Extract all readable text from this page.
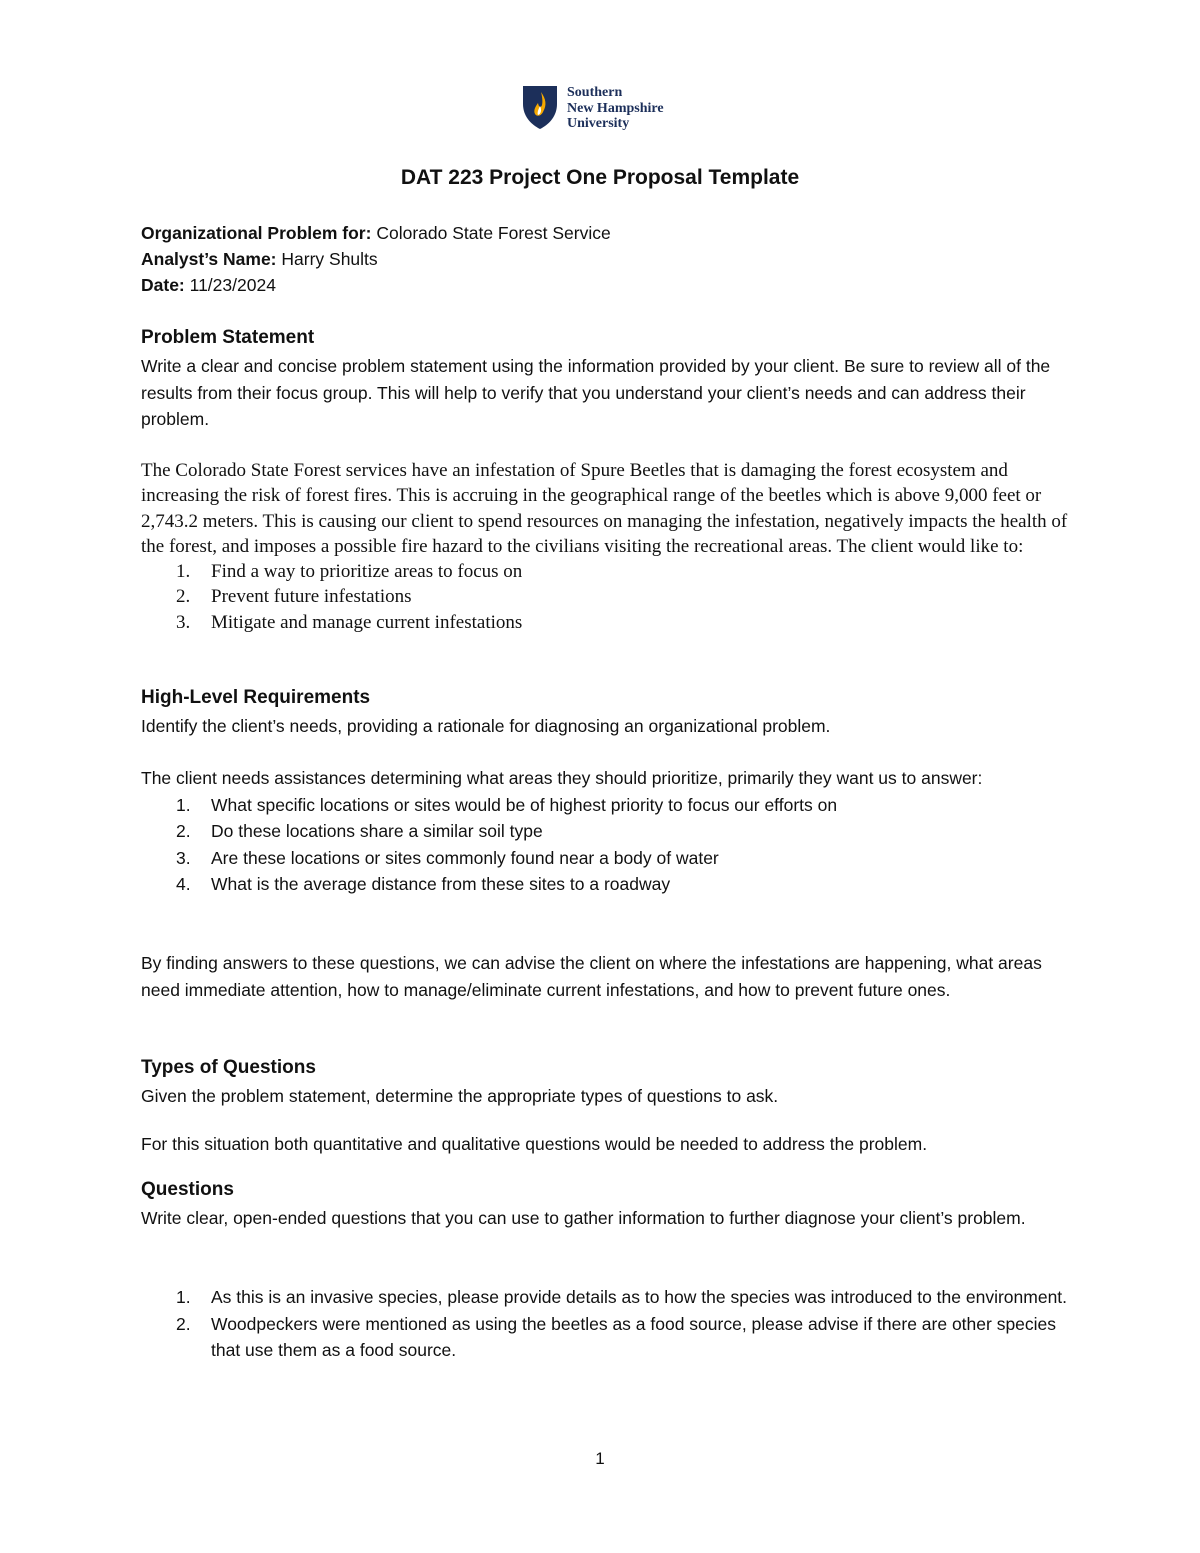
Southern
New Hampshire
University
DAT 223 Project One Proposal Template

Organizational Problem for: Colorado State Forest Service

Analyst’s Name: Harry Shults

Date: 11/23/2024

Problem Statement

Write a clear and concise problem statement using the information provided by your client. Be sure to review all of the results from their focus group. This will help to verify that you understand your client’s needs and can address their problem.

The Colorado State Forest services have an infestation of Spure Beetles that is damaging the forest ecosystem and increasing the risk of forest fires. This is accruing in the geographical range of the beetles which is above 9,000 feet or 2,743.2 meters. This is causing our client to spend resources on managing the infestation, negatively impacts the health of the forest, and imposes a possible fire hazard to the civilians visiting the recreational areas. The client would like to:

1. Find a way to prioritize areas to focus on
2. Prevent future infestations
3. Mitigate and manage current infestations

High-Level Requirements

Identify the client’s needs, providing a rationale for diagnosing an organizational problem.

The client needs assistances determining what areas they should prioritize, primarily they want us to answer:

1. What specific locations or sites would be of highest priority to focus our efforts on
2. Do these locations share a similar soil type
3. Are these locations or sites commonly found near a body of water
4. What is the average distance from these sites to a roadway

By finding answers to these questions, we can advise the client on where the infestations are happening, what areas need immediate attention, how to manage/eliminate current infestations, and how to prevent future ones.

Types of Questions

Given the problem statement, determine the appropriate types of questions to ask.

For this situation both quantitative and qualitative questions would be needed to address the problem.

Questions

Write clear, open-ended questions that you can use to gather information to further diagnose your client’s problem.

1. As this is an invasive species, please provide details as to how the species was introduced to the environment.
2. Woodpeckers were mentioned as using the beetles as a food source, please advise if there are other species that use them as a food source.
1
